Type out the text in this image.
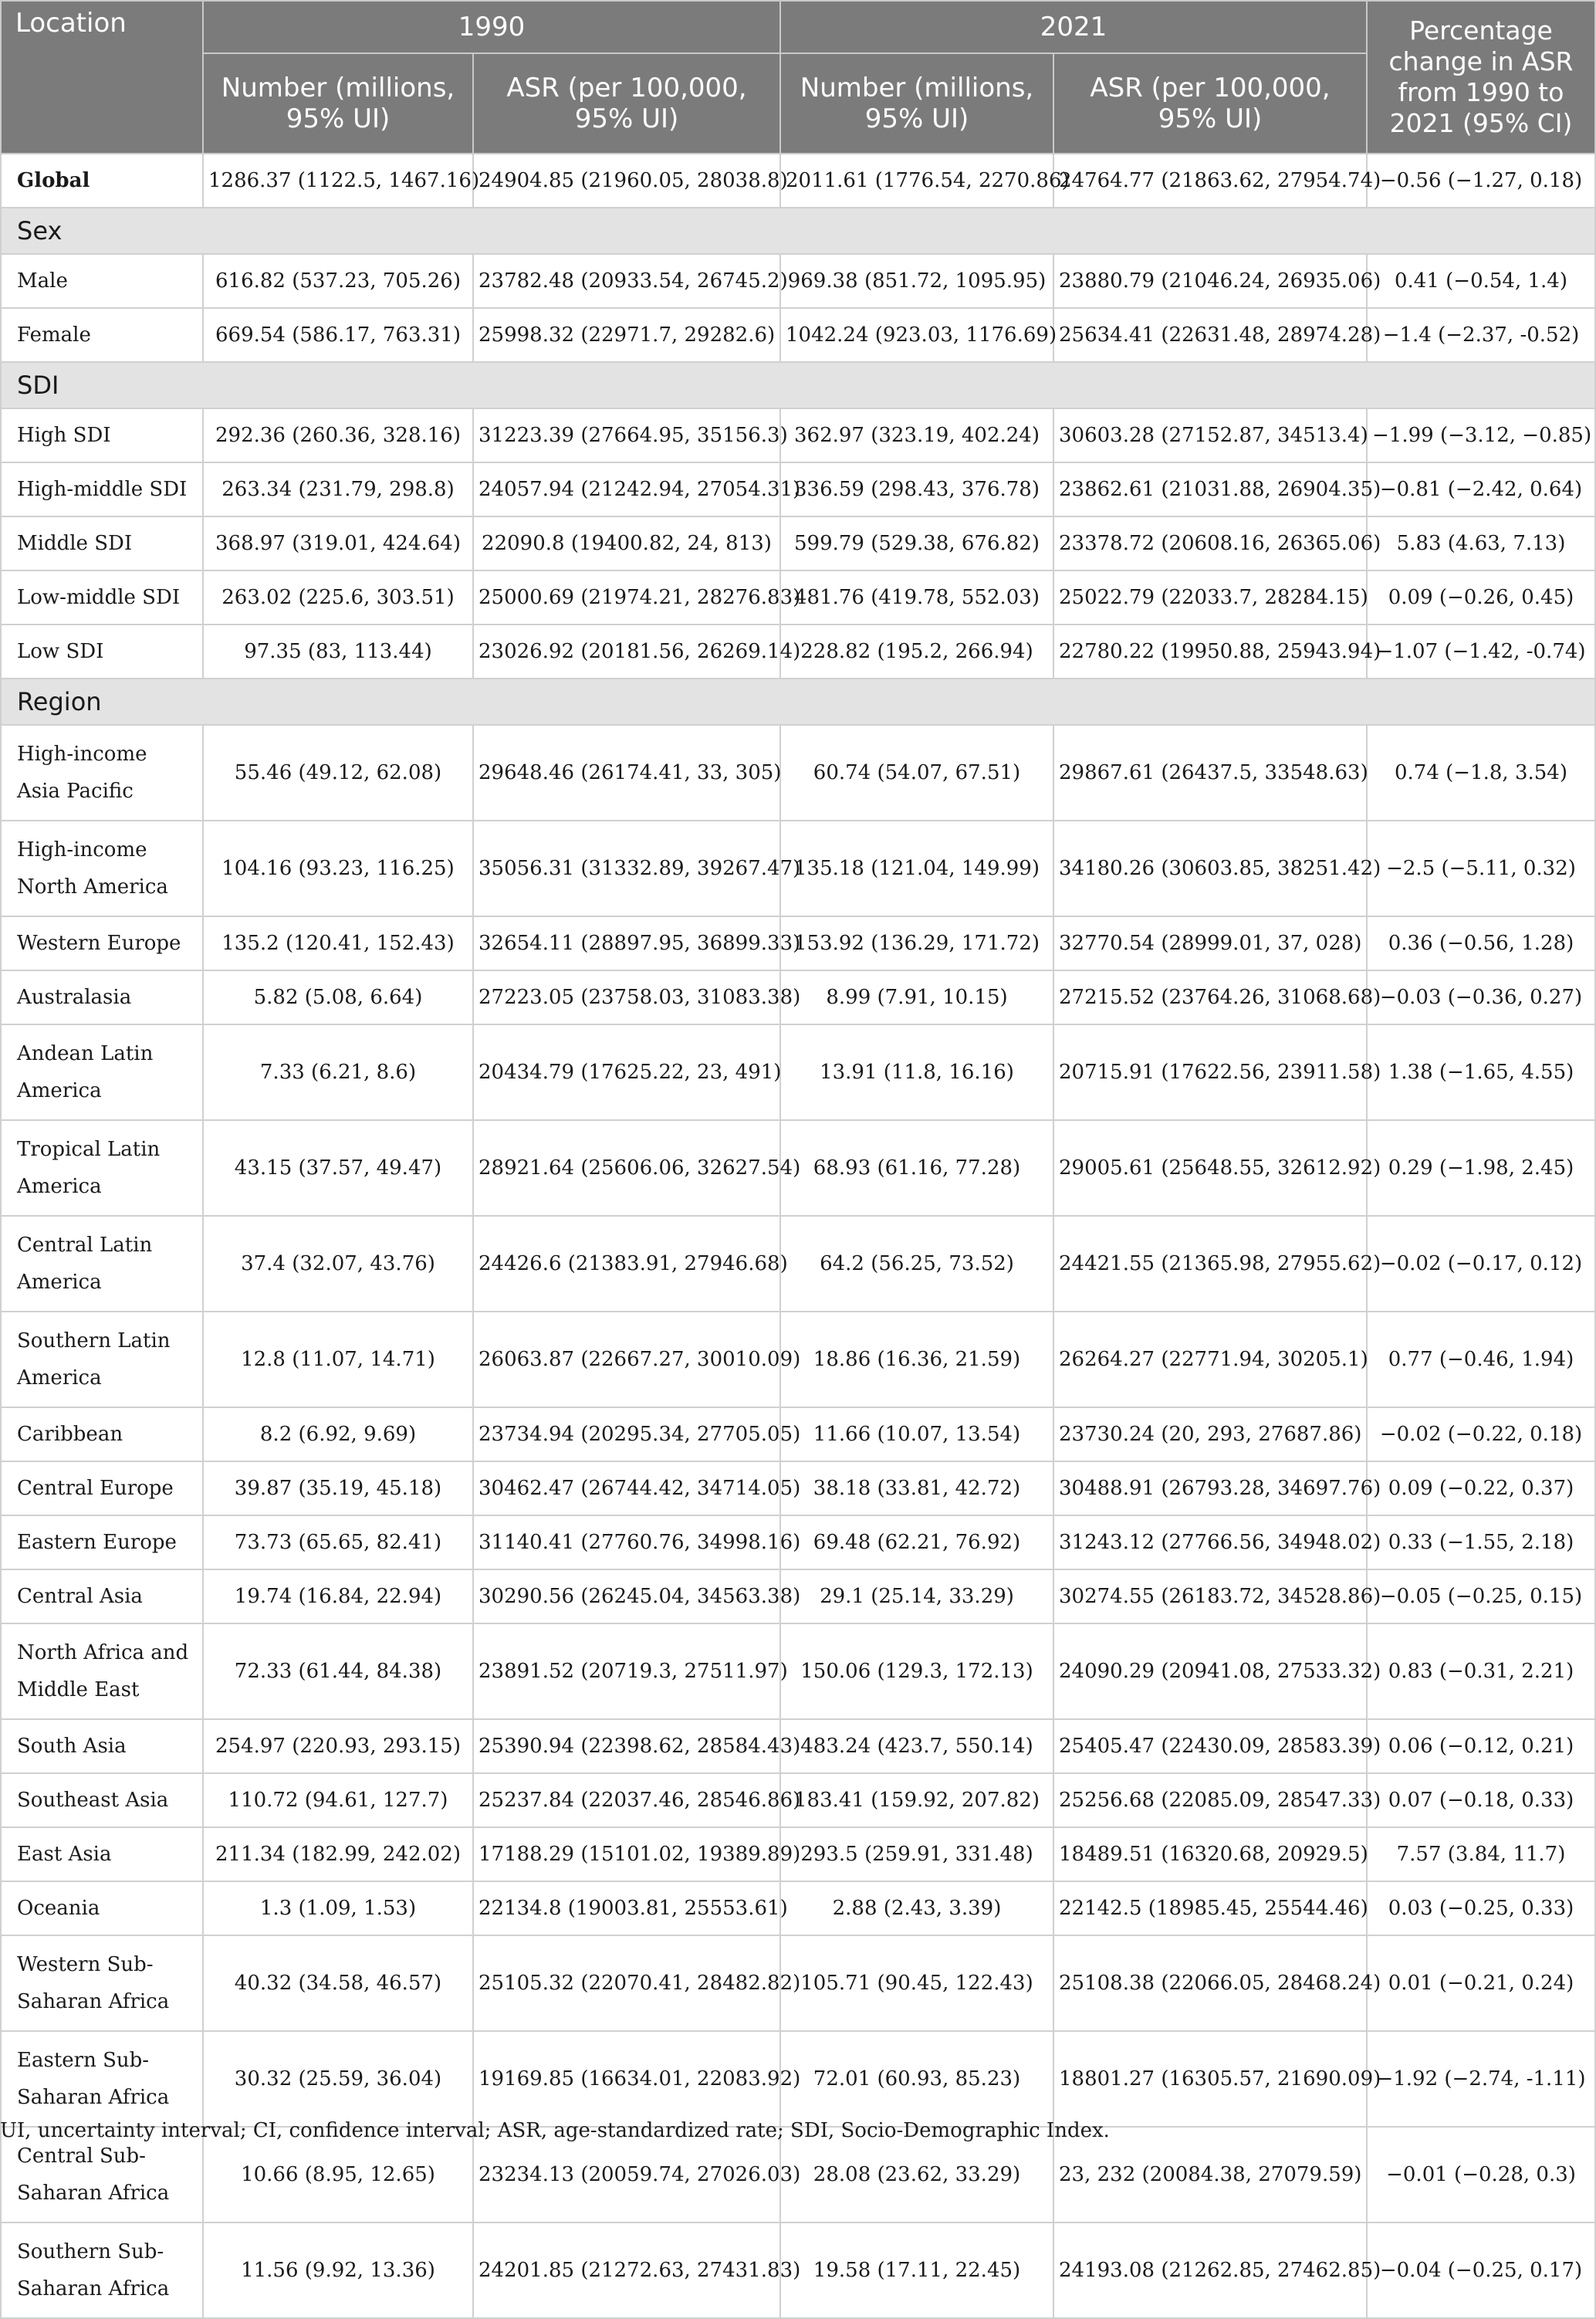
Location	1990		2021		Percentage change in ASR from 1990 to 2021 (95% CI)
	Number (millions, 95% UI)	ASR (per 100,000, 95% UI)	Number (millions, 95% UI)	ASR (per 100,000, 95% UI)	
Global	1286.37 (1122.5, 1467.16)	24904.85 (21960.05, 28038.8)	2011.61 (1776.54, 2270.86)	24764.77 (21863.62, 27954.74)	−0.56 (−1.27, 0.18)
Sex					
Male	616.82 (537.23, 705.26)	23782.48 (20933.54, 26745.2)	969.38 (851.72, 1095.95)	23880.79 (21046.24, 26935.06)	0.41 (−0.54, 1.4)
Female	669.54 (586.17, 763.31)	25998.32 (22971.7, 29282.6)	1042.24 (923.03, 1176.69)	25634.41 (22631.48, 28974.28)	−1.4 (−2.37, -0.52)
SDI					
High SDI	292.36 (260.36, 328.16)	31223.39 (27664.95, 35156.3)	362.97 (323.19, 402.24)	30603.28 (27152.87, 34513.4)	−1.99 (−3.12, −0.85)
High-middle SDI	263.34 (231.79, 298.8)	24057.94 (21242.94, 27054.31)	336.59 (298.43, 376.78)	23862.61 (21031.88, 26904.35)	−0.81 (−2.42, 0.64)
Middle SDI	368.97 (319.01, 424.64)	22090.8 (19400.82, 24, 813)	599.79 (529.38, 676.82)	23378.72 (20608.16, 26365.06)	5.83 (4.63, 7.13)
Low-middle SDI	263.02 (225.6, 303.51)	25000.69 (21974.21, 28276.83)	481.76 (419.78, 552.03)	25022.79 (22033.7, 28284.15)	0.09 (−0.26, 0.45)
Low SDI	97.35 (83, 113.44)	23026.92 (20181.56, 26269.14)	228.82 (195.2, 266.94)	22780.22 (19950.88, 25943.94)	−1.07 (−1.42, -0.74)
Region					
High-income Asia Pacific	55.46 (49.12, 62.08)	29648.46 (26174.41, 33, 305)	60.74 (54.07, 67.51)	29867.61 (26437.5, 33548.63)	0.74 (−1.8, 3.54)
High-income North America	104.16 (93.23, 116.25)	35056.31 (31332.89, 39267.47)	135.18 (121.04, 149.99)	34180.26 (30603.85, 38251.42)	−2.5 (−5.11, 0.32)
Western Europe	135.2 (120.41, 152.43)	32654.11 (28897.95, 36899.33)	153.92 (136.29, 171.72)	32770.54 (28999.01, 37, 028)	0.36 (−0.56, 1.28)
Australasia	5.82 (5.08, 6.64)	27223.05 (23758.03, 31083.38)	8.99 (7.91, 10.15)	27215.52 (23764.26, 31068.68)	−0.03 (−0.36, 0.27)
Andean Latin America	7.33 (6.21, 8.6)	20434.79 (17625.22, 23, 491)	13.91 (11.8, 16.16)	20715.91 (17622.56, 23911.58)	1.38 (−1.65, 4.55)
Tropical Latin America	43.15 (37.57, 49.47)	28921.64 (25606.06, 32627.54)	68.93 (61.16, 77.28)	29005.61 (25648.55, 32612.92)	0.29 (−1.98, 2.45)
Central Latin America	37.4 (32.07, 43.76)	24426.6 (21383.91, 27946.68)	64.2 (56.25, 73.52)	24421.55 (21365.98, 27955.62)	−0.02 (−0.17, 0.12)
Southern Latin America	12.8 (11.07, 14.71)	26063.87 (22667.27, 30010.09)	18.86 (16.36, 21.59)	26264.27 (22771.94, 30205.1)	0.77 (−0.46, 1.94)
Caribbean	8.2 (6.92, 9.69)	23734.94 (20295.34, 27705.05)	11.66 (10.07, 13.54)	23730.24 (20, 293, 27687.86)	−0.02 (−0.22, 0.18)
Central Europe	39.87 (35.19, 45.18)	30462.47 (26744.42, 34714.05)	38.18 (33.81, 42.72)	30488.91 (26793.28, 34697.76)	0.09 (−0.22, 0.37)
Eastern Europe	73.73 (65.65, 82.41)	31140.41 (27760.76, 34998.16)	69.48 (62.21, 76.92)	31243.12 (27766.56, 34948.02)	0.33 (−1.55, 2.18)
Central Asia	19.74 (16.84, 22.94)	30290.56 (26245.04, 34563.38)	29.1 (25.14, 33.29)	30274.55 (26183.72, 34528.86)	−0.05 (−0.25, 0.15)
North Africa and Middle East	72.33 (61.44, 84.38)	23891.52 (20719.3, 27511.97)	150.06 (129.3, 172.13)	24090.29 (20941.08, 27533.32)	0.83 (−0.31, 2.21)
South Asia	254.97 (220.93, 293.15)	25390.94 (22398.62, 28584.43)	483.24 (423.7, 550.14)	25405.47 (22430.09, 28583.39)	0.06 (−0.12, 0.21)
Southeast Asia	110.72 (94.61, 127.7)	25237.84 (22037.46, 28546.86)	183.41 (159.92, 207.82)	25256.68 (22085.09, 28547.33)	0.07 (−0.18, 0.33)
East Asia	211.34 (182.99, 242.02)	17188.29 (15101.02, 19389.89)	293.5 (259.91, 331.48)	18489.51 (16320.68, 20929.5)	7.57 (3.84, 11.7)
Oceania	1.3 (1.09, 1.53)	22134.8 (19003.81, 25553.61)	2.88 (2.43, 3.39)	22142.5 (18985.45, 25544.46)	0.03 (−0.25, 0.33)
Western Sub-Saharan Africa	40.32 (34.58, 46.57)	25105.32 (22070.41, 28482.82)	105.71 (90.45, 122.43)	25108.38 (22066.05, 28468.24)	0.01 (−0.21, 0.24)
Eastern Sub-Saharan Africa	30.32 (25.59, 36.04)	19169.85 (16634.01, 22083.92)	72.01 (60.93, 85.23)	18801.27 (16305.57, 21690.09)	−1.92 (−2.74, -1.11)
Central Sub-Saharan Africa	10.66 (8.95, 12.65)	23234.13 (20059.74, 27026.03)	28.08 (23.62, 33.29)	23, 232 (20084.38, 27079.59)	−0.01 (−0.28, 0.3)
Southern Sub-Saharan Africa	11.56 (9.92, 13.36)	24201.85 (21272.63, 27431.83)	19.58 (17.11, 22.45)	24193.08 (21262.85, 27462.85)	−0.04 (−0.25, 0.17)
UI, uncertainty interval; CI, confidence interval; ASR, age-standardized rate; SDI, Socio-Demographic Index.
